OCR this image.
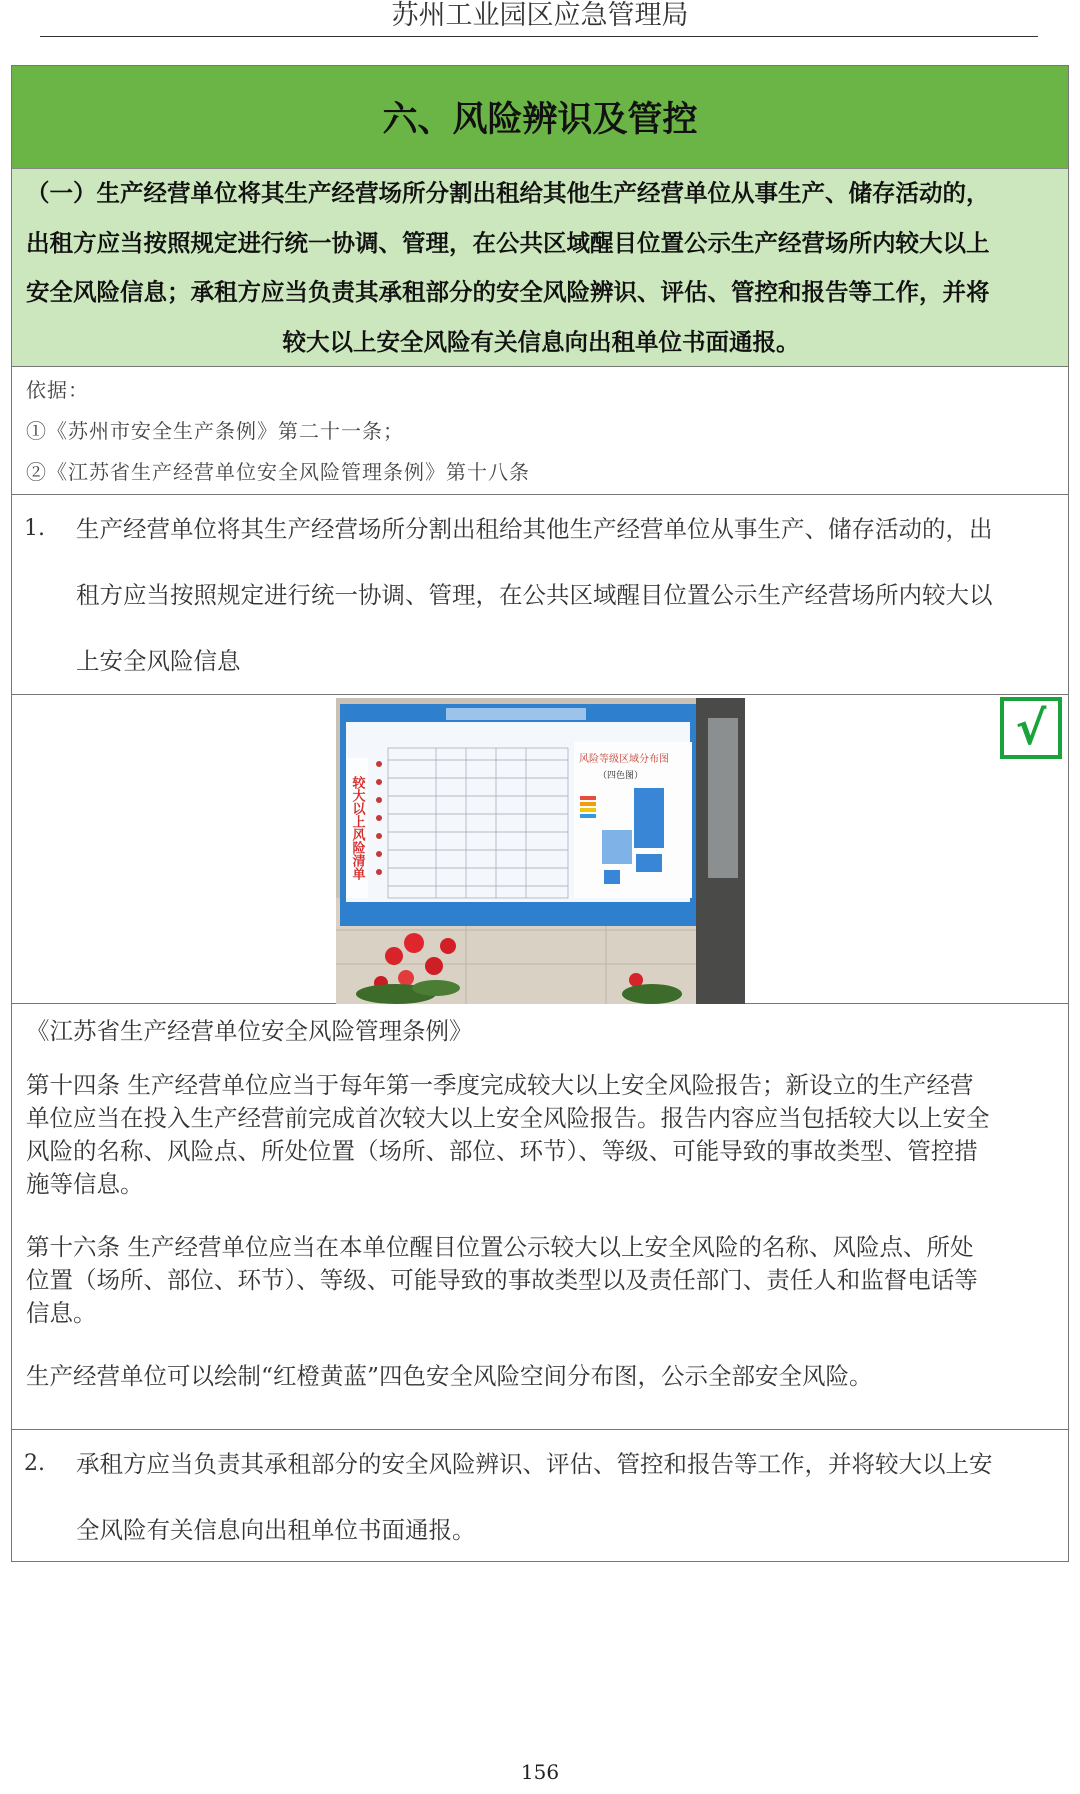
苏州工业园区应急管理局
六、风险辨识及管控
（一）生产经营单位将其生产经营场所分割出租给其他生产经营单位从事生产、储存活动的，
出租方应当按照规定进行统一协调、管理，在公共区域醒目位置公示生产经营场所内较大以上
安全风险信息；承租方应当负责其承租部分的安全风险辨识、评估、管控和报告等工作，并将
较大以上安全风险有关信息向出租单位书面通报。
依据：
①《苏州市安全生产条例》第二十一条；
②《江苏省生产经营单位安全风险管理条例》第十八条
1. 生产经营单位将其生产经营场所分割出租给其他生产经营单位从事生产、储存活动的，出
租方应当按照规定进行统一协调、管理，在公共区域醒目位置公示生产经营场所内较大以
上安全风险信息
较大以上风险清单
风险等级区域分布图
（四色图）
√
《江苏省生产经营单位安全风险管理条例》
第十四条 生产经营单位应当于每年第一季度完成较大以上安全风险报告；新设立的生产经营
单位应当在投入生产经营前完成首次较大以上安全风险报告。报告内容应当包括较大以上安全
风险的名称、风险点、所处位置（场所、部位、环节）、等级、可能导致的事故类型、管控措
施等信息。
第十六条 生产经营单位应当在本单位醒目位置公示较大以上安全风险的名称、风险点、所处
位置（场所、部位、环节）、等级、可能导致的事故类型以及责任部门、责任人和监督电话等
信息。
生产经营单位可以绘制“红橙黄蓝”四色安全风险空间分布图，公示全部安全风险。
2. 承租方应当负责其承租部分的安全风险辨识、评估、管控和报告等工作，并将较大以上安
全风险有关信息向出租单位书面通报。
156
